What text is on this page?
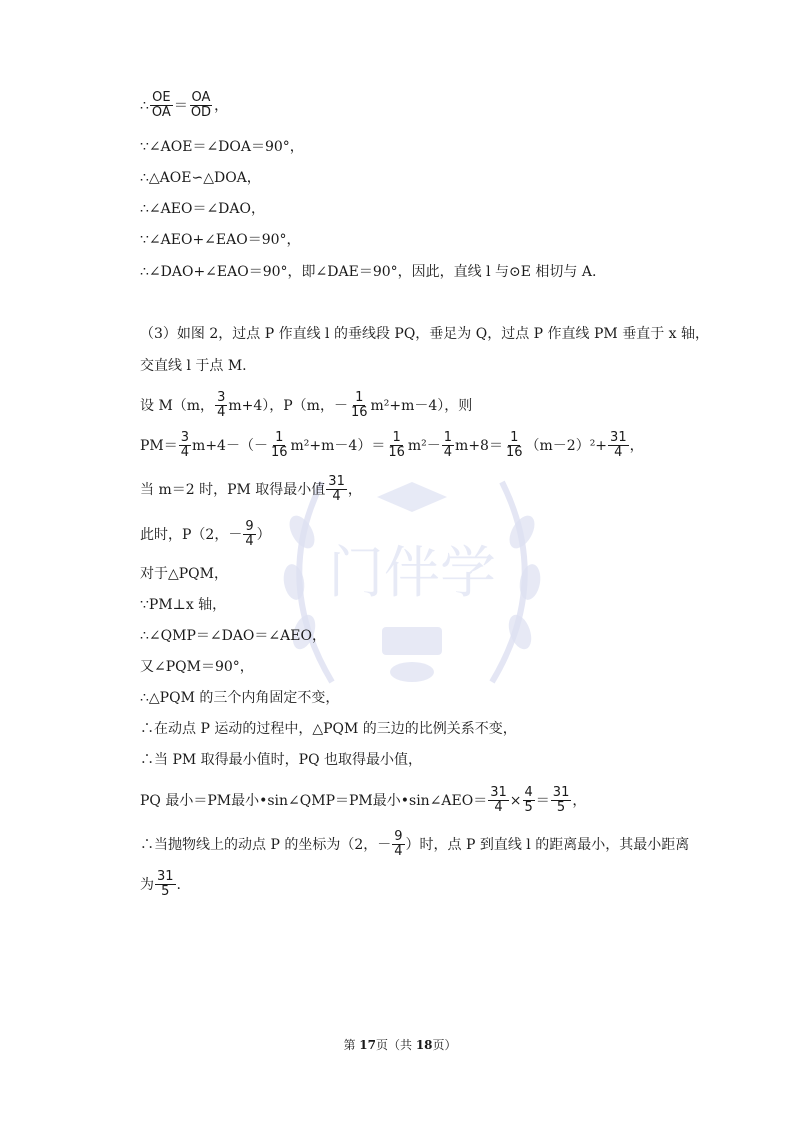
门伴学
∴ $\frac{OE}{OA} = \frac{OA}{OD}$ ，
∵∠AOE＝∠DOA＝90°，
∴△AOE∽△DOA，
∴∠AEO＝∠DAO，
∵∠AEO+∠EAO＝90°，
∴∠DAO+∠EAO＝90°，即∠DAE＝90°，因此，直线 l 与⊙E 相切与 A.
（3）如图 2，过点 P 作直线 l 的垂线段 PQ，垂足为 Q，过点 P 作直线 PM 垂直于 x 轴，
交直线 l 于点 M.
设 M（m， $\frac{3}{4} m+4$），P（m，－ $\frac{1}{16} m^2+m-4$），则
$PM= \frac{3}{4} m+4-(- \frac{1}{16} m^2+m-4)= \frac{1}{16} m^2- \frac{1}{4} m+8= \frac{1}{16} (m-2)^2+ \frac{31}{4}$ ，
当 m＝2 时，PM 取得最小值 $\frac{31}{4}$ ，
此时，P（2，－ $\frac{9}{4}$ ）
对于△PQM，
∵PM⊥x 轴，
∴∠QMP＝∠DAO＝∠AEO，
又∠PQM＝90°，
∴△PQM 的三个内角固定不变，
∴在动点 P 运动的过程中，△PQM 的三边的比例关系不变，
∴当 PM 取得最小值时，PQ 也取得最小值，
PQ 最小＝PM最小•sin∠QMP＝PM最小•sin∠AEO＝ $\frac{31}{4} \times \frac{4}{5} = \frac{31}{5}$ ，
∴当抛物线上的动点 P 的坐标为（2，－ $\frac{9}{4}$ ）时，点 P 到直线 l 的距离最小，其最小距离
为 $\frac{31}{5}$ .
第 17页（共 18页）
